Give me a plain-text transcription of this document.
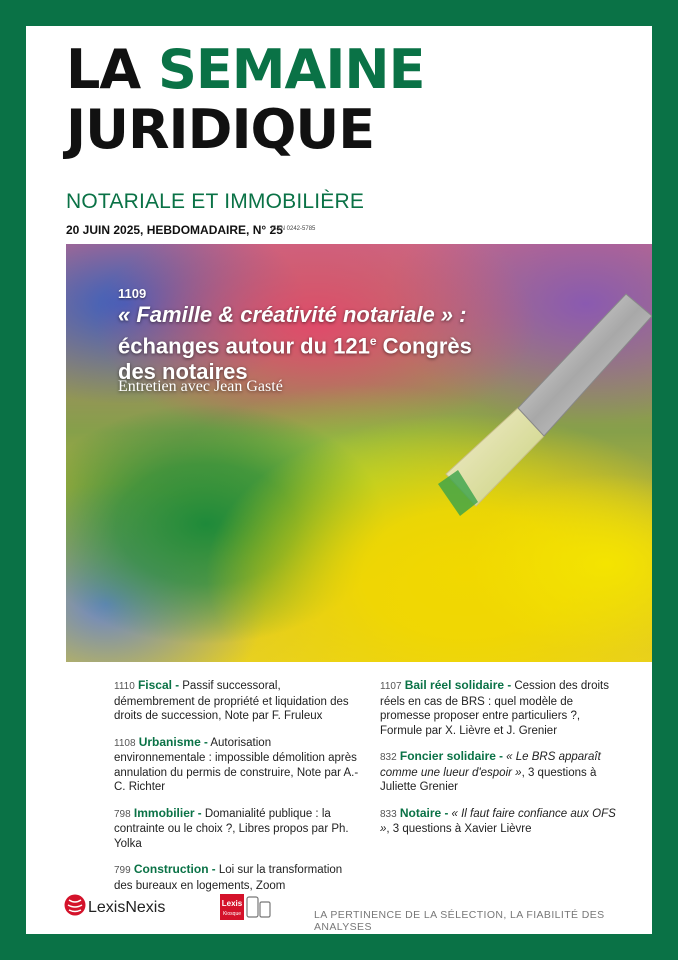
LA SEMAINE
JURIDIQUE
NOTARIALE ET IMMOBILIÈRE
20 JUIN 2025, HEBDOMADAIRE, N° 25
ISSN 0242-5785
1109
« Famille & créativité notariale » :
échanges autour du 121e Congrès
des notaires
Entretien avec Jean Gasté
1110 Fiscal - Passif successoral, démembrement de propriété et liquidation des droits de succession, Note par F. Fruleux
1108 Urbanisme - Autorisation environnementale : impossible démolition après annulation du permis de construire, Note par A.-C. Richter
798 Immobilier - Domanialité publique : la contrainte ou le choix ?, Libres propos par Ph. Yolka
799 Construction - Loi sur la transformation des bureaux en logements, Zoom
1107 Bail réel solidaire - Cession des droits réels en cas de BRS : quel modèle de promesse proposer entre particuliers ?, Formule par X. Lièvre et J. Grenier
832 Foncier solidaire - « Le BRS apparaît comme une lueur d'espoir », 3 questions à Juliette Grenier
833 Notaire - « Il faut faire confiance aux OFS », 3 questions à Xavier Lièvre
LexisNexis	Lexis
Kiosque	LA PERTINENCE DE LA SÉLECTION, LA FIABILITÉ DES ANALYSES
